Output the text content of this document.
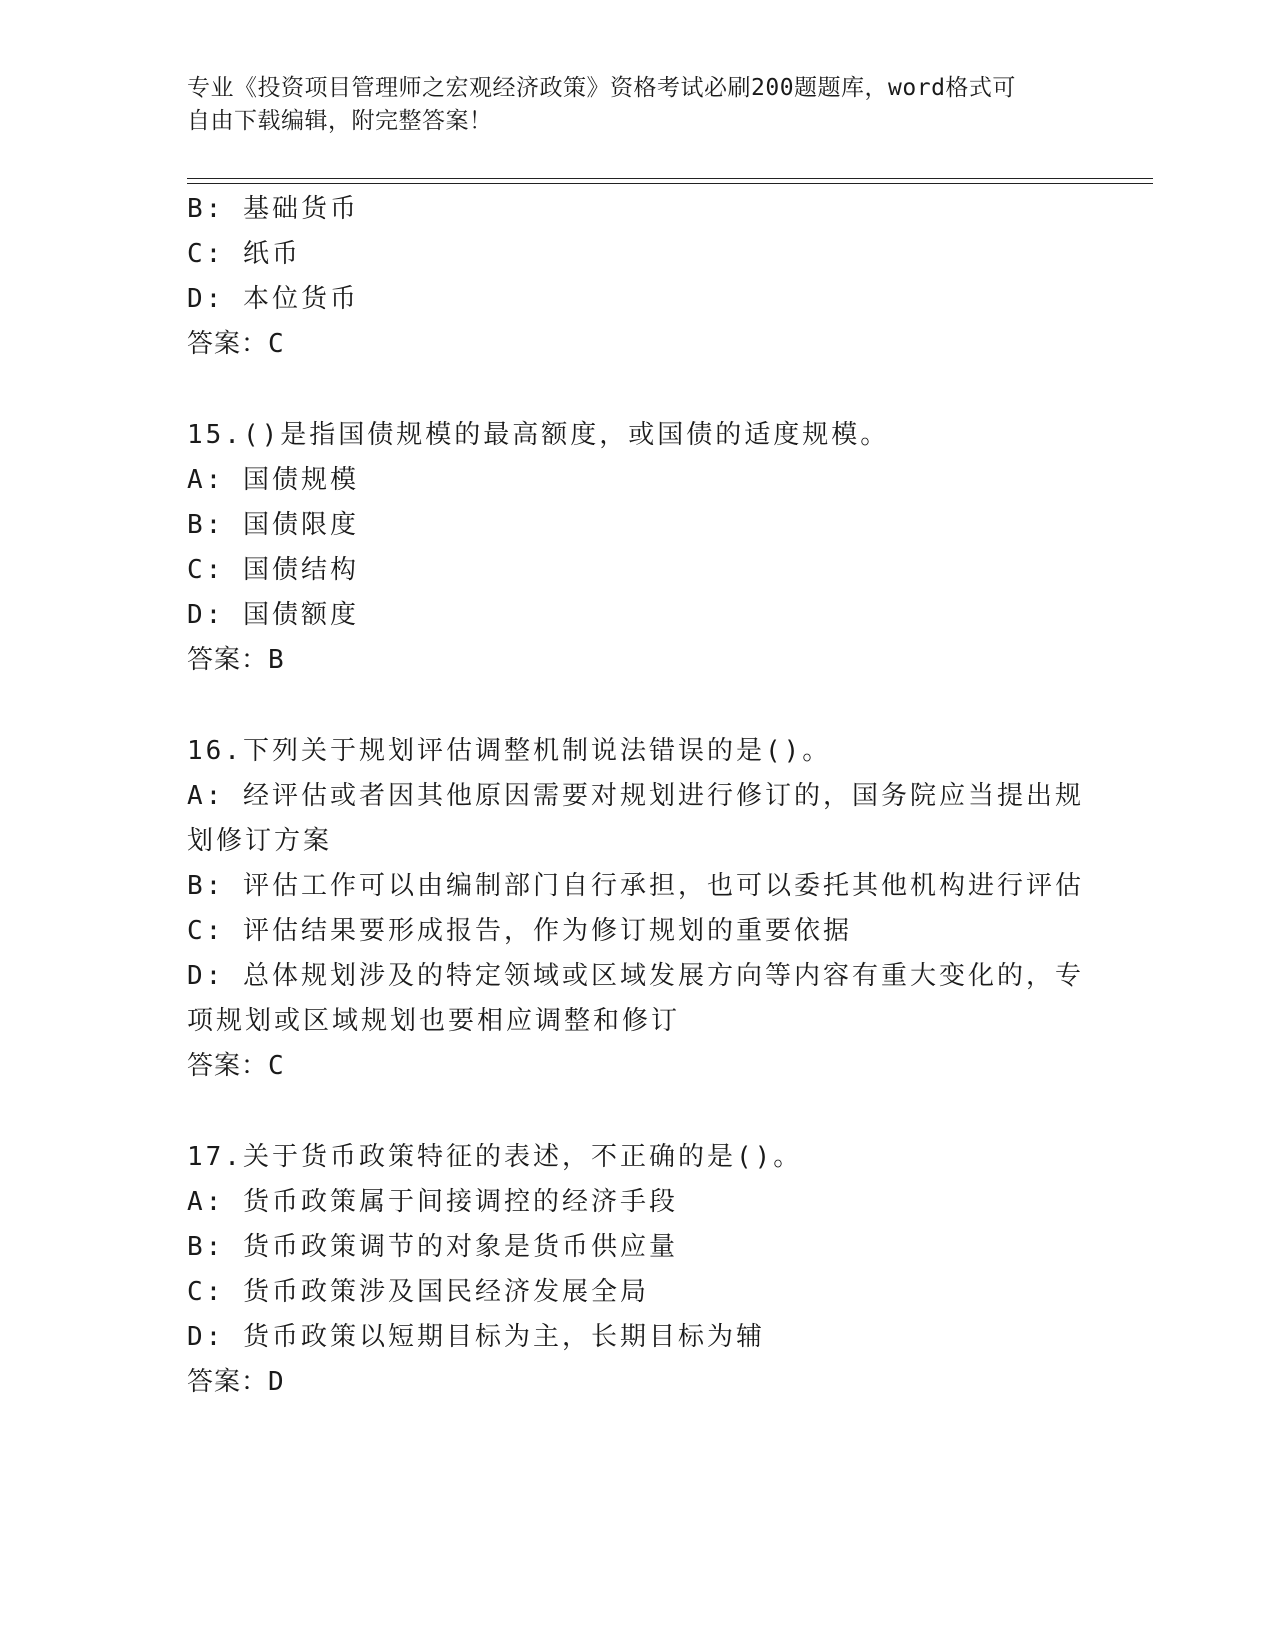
专业《投资项目管理师之宏观经济政策》资格考试必刷200题题库，word格式可
自由下载编辑，附完整答案！
B: 基础货币
C: 纸币
D: 本位货币
答案：C
15.()是指国债规模的最高额度，或国债的适度规模。
A: 国债规模
B: 国债限度
C: 国债结构
D: 国债额度
答案：B
16.下列关于规划评估调整机制说法错误的是()。
A: 经评估或者因其他原因需要对规划进行修订的，国务院应当提出规
划修订方案
B: 评估工作可以由编制部门自行承担，也可以委托其他机构进行评估
C: 评估结果要形成报告，作为修订规划的重要依据
D: 总体规划涉及的特定领域或区域发展方向等内容有重大变化的，专
项规划或区域规划也要相应调整和修订
答案：C
17.关于货币政策特征的表述，不正确的是()。
A: 货币政策属于间接调控的经济手段
B: 货币政策调节的对象是货币供应量
C: 货币政策涉及国民经济发展全局
D: 货币政策以短期目标为主，长期目标为辅
答案：D
